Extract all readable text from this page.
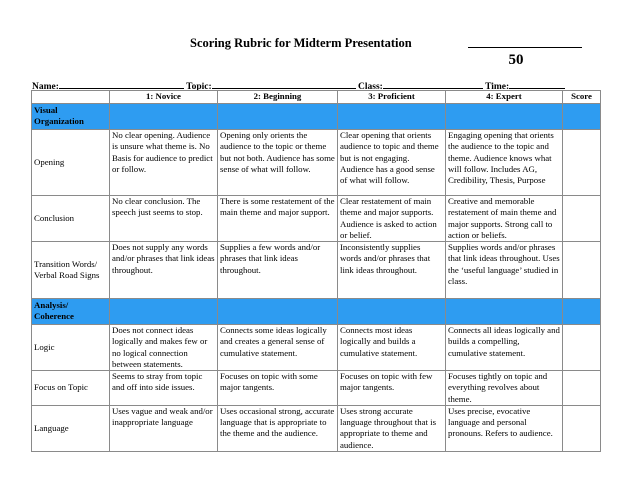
Scoring Rubric for Midterm Presentation
50
Name:	Topic:	Class:	Time:
	1: Novice	2: Beginning	3: Proficient	4: Expert	Score
Visual Organization					
Opening	No clear opening. Audience is unsure what theme is. No Basis for audience to predict or follow.	Opening only orients the audience to the topic or theme but not both. Audience has some sense of what will follow.	Clear opening that orients audience to topic and theme but is not engaging. Audience has a good sense of what will follow.	Engaging opening that orients the audience to the topic and theme. Audience knows what will follow. Includes AG, Credibility, Thesis, Purpose	
Conclusion	No clear conclusion. The speech just seems to stop.	There is some restatement of the main theme and major support.	Clear restatement of main theme and major supports. Audience is asked to action or belief.	Creative and memorable restatement of main theme and major supports. Strong call to action or beliefs.	
Transition Words/ Verbal Road Signs	Does not supply any words and/or phrases that link ideas throughout.	Supplies a few words and/or phrases that link ideas throughout.	Inconsistently supplies words and/or phrases that link ideas throughout.	Supplies words and/or phrases that link ideas throughout. Uses the ‘useful language’ studied in class.	
Analysis/ Coherence					
Logic	Does not connect ideas logically and makes few or no logical connection between statements.	Connects some ideas logically and creates a general sense of cumulative statement.	Connects most ideas logically and builds a cumulative statement.	Connects all ideas logically and builds a compelling, cumulative statement.	
Focus on Topic	Seems to stray from topic and off into side issues.	Focuses on topic with some major tangents.	Focuses on topic with few major tangents.	Focuses tightly on topic and everything revolves about theme.	
Language	Uses vague and weak and/or inappropriate language	Uses occasional strong, accurate language that is appropriate to the theme and the audience.	Uses strong accurate language throughout that is appropriate to theme and audience.	Uses precise, evocative language and personal pronouns. Refers to audience.	
